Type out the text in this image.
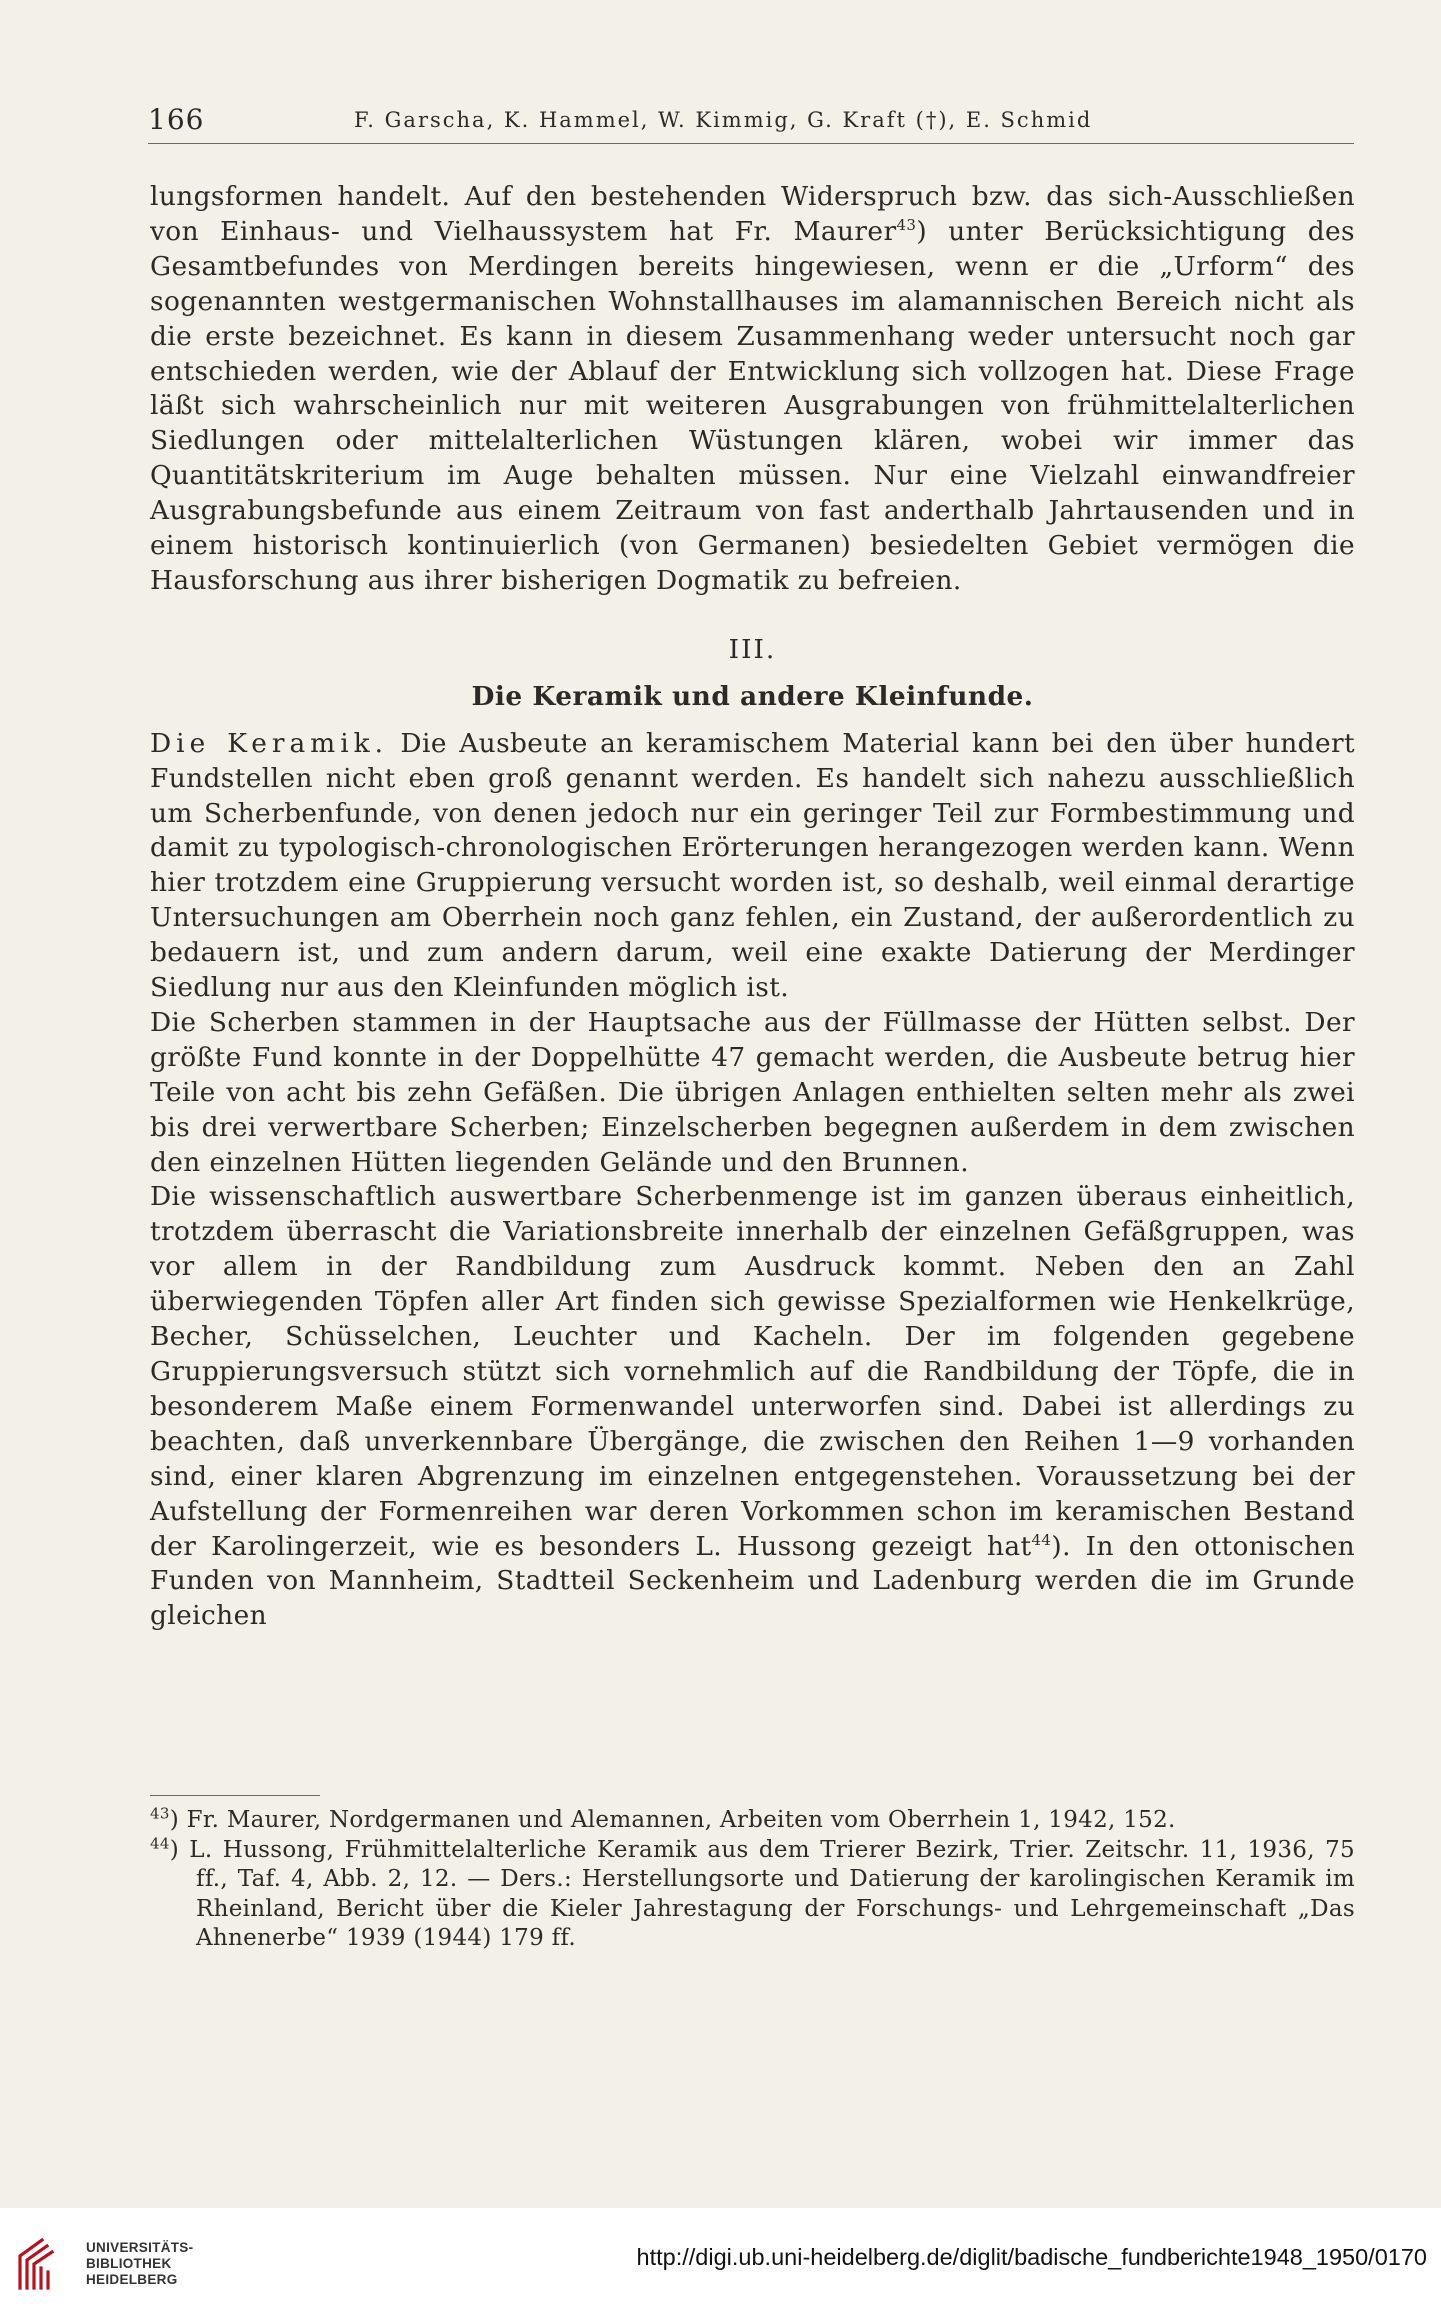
166	F. Garscha, K. Hammel, W. Kimmig, G. Kraft (†), E. Schmid

lungsformen handelt. Auf den bestehenden Widerspruch bzw. das sich-Ausschließen von Einhaus- und Vielhaussystem hat Fr. Maurer$^{43}$) unter Berücksichtigung des Gesamtbefundes von Merdingen bereits hingewiesen, wenn er die „Urform“ des sogenannten westgermanischen Wohnstallhauses im alamannischen Bereich nicht als die erste bezeichnet. Es kann in diesem Zusammenhang weder untersucht noch gar entschieden werden, wie der Ablauf der Entwicklung sich vollzogen hat. Diese Frage läßt sich wahrscheinlich nur mit weiteren Ausgrabungen von frühmittelalterlichen Siedlungen oder mittelalterlichen Wüstungen klären, wobei wir immer das Quantitätskriterium im Auge behalten müssen. Nur eine Vielzahl einwandfreier Ausgrabungsbefunde aus einem Zeitraum von fast anderthalb Jahrtausenden und in einem historisch kontinuierlich (von Germanen) besiedelten Gebiet vermögen die Hausforschung aus ihrer bisherigen Dogmatik zu befreien.

III.

Die Keramik und andere Kleinfunde.

Die Keramik. Die Ausbeute an keramischem Material kann bei den über hundert Fundstellen nicht eben groß genannt werden. Es handelt sich nahezu ausschließlich um Scherbenfunde, von denen jedoch nur ein geringer Teil zur Formbestimmung und damit zu typologisch-chronologischen Erörterungen herangezogen werden kann. Wenn hier trotzdem eine Gruppierung versucht worden ist, so deshalb, weil einmal derartige Untersuchungen am Oberrhein noch ganz fehlen, ein Zustand, der außerordentlich zu bedauern ist, und zum andern darum, weil eine exakte Datierung der Merdinger Siedlung nur aus den Kleinfunden möglich ist.

Die Scherben stammen in der Hauptsache aus der Füllmasse der Hütten selbst. Der größte Fund konnte in der Doppelhütte 47 gemacht werden, die Ausbeute betrug hier Teile von acht bis zehn Gefäßen. Die übrigen Anlagen enthielten selten mehr als zwei bis drei verwertbare Scherben; Einzelscherben begegnen außerdem in dem zwischen den einzelnen Hütten liegenden Gelände und den Brunnen.

Die wissenschaftlich auswertbare Scherbenmenge ist im ganzen überaus einheitlich, trotzdem überrascht die Variationsbreite innerhalb der einzelnen Gefäßgruppen, was vor allem in der Randbildung zum Ausdruck kommt. Neben den an Zahl überwiegenden Töpfen aller Art finden sich gewisse Spezialformen wie Henkelkrüge, Becher, Schüsselchen, Leuchter und Kacheln. Der im folgenden gegebene Gruppierungsversuch stützt sich vornehmlich auf die Randbildung der Töpfe, die in besonderem Maße einem Formenwandel unterworfen sind. Dabei ist allerdings zu beachten, daß unverkennbare Übergänge, die zwischen den Reihen 1—9 vorhanden sind, einer klaren Abgrenzung im einzelnen entgegenstehen. Voraussetzung bei der Aufstellung der Formenreihen war deren Vorkommen schon im keramischen Bestand der Karolingerzeit, wie es besonders L. Hussong gezeigt hat$^{44}$). In den ottonischen Funden von Mannheim, Stadtteil Seckenheim und Ladenburg werden die im Grunde gleichen

$^{43}$) Fr. Maurer, Nordgermanen und Alemannen, Arbeiten vom Oberrhein 1, 1942, 152.

$^{44}$) L. Hussong, Frühmittelalterliche Keramik aus dem Trierer Bezirk, Trier. Zeitschr. 11, 1936, 75 ff., Taf. 4, Abb. 2, 12. — Ders.: Herstellungsorte und Datierung der karolingischen Keramik im Rheinland, Bericht über die Kieler Jahrestagung der Forschungs- und Lehrgemeinschaft „Das Ahnenerbe“ 1939 (1944) 179 ff.

UNIVERSITÄTS-
BIBLIOTHEK
HEIDELBERG
http://digi.ub.uni-heidelberg.de/diglit/badische_fundberichte1948_1950/0170
